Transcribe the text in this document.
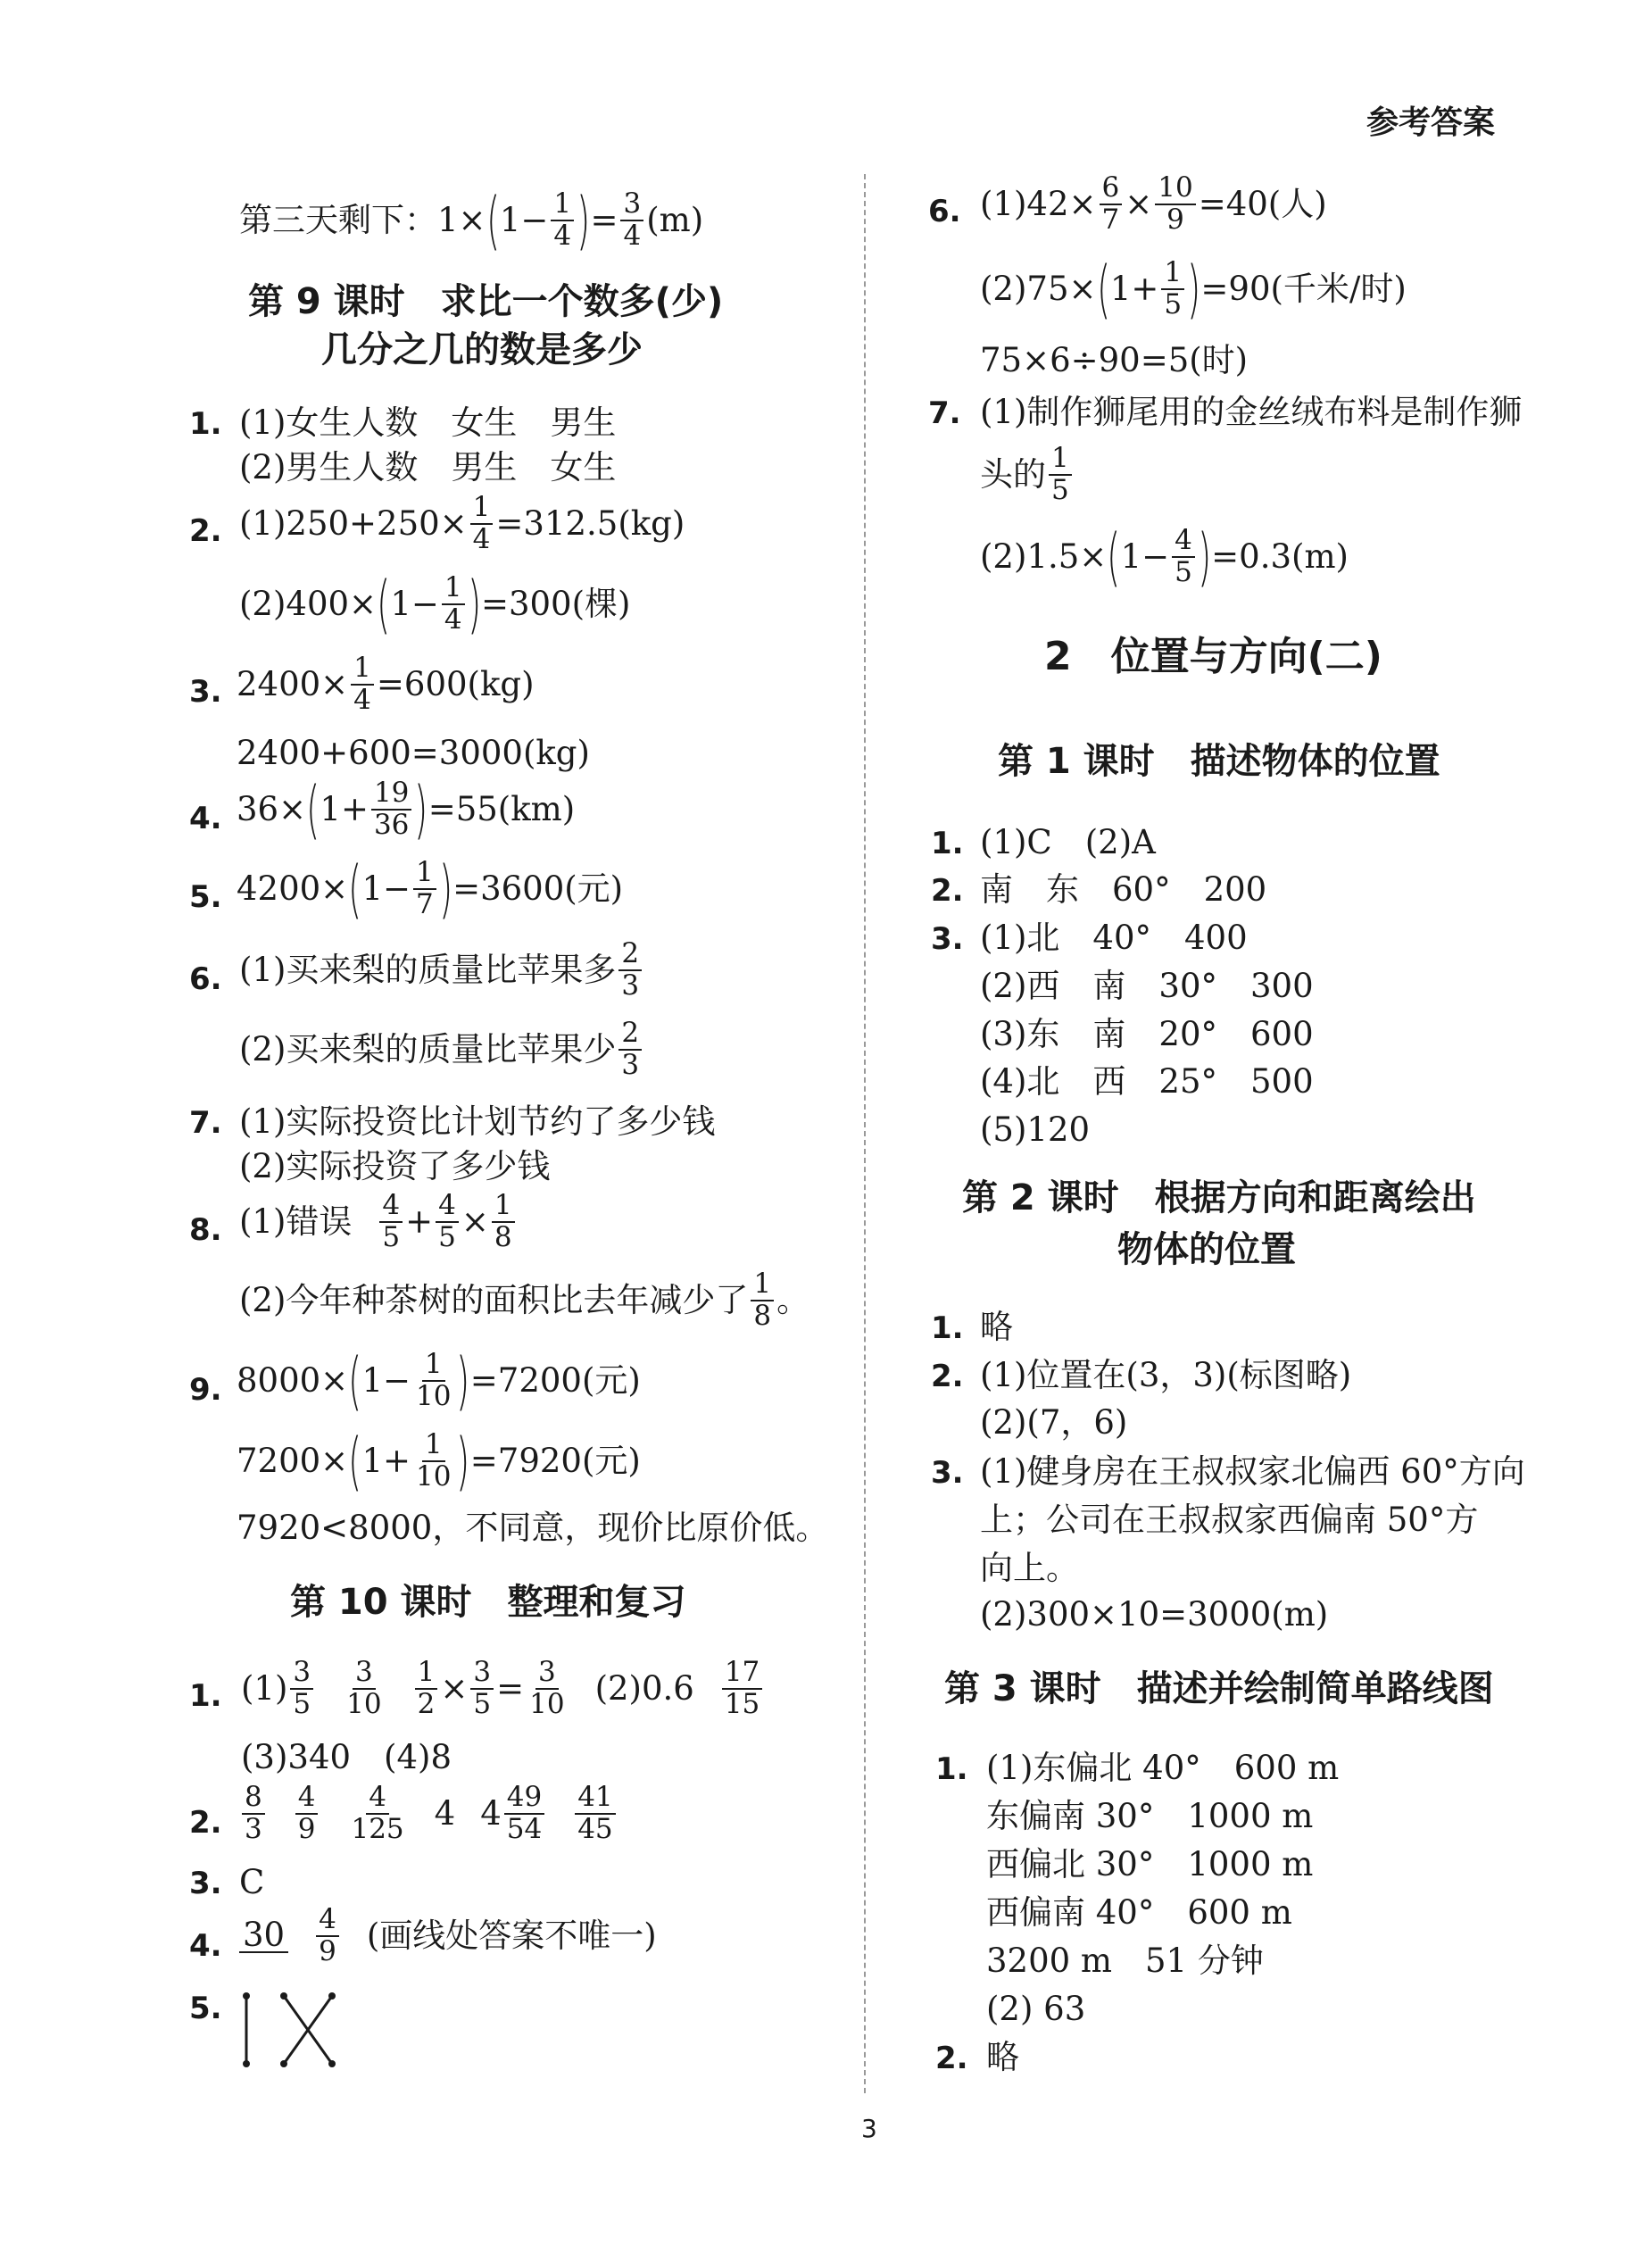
参考答案
第三天剩下：1× ( $1 - \frac{1}{4}$ ) = $\frac{3}{4} (m)$
第 9 课时　求比一个数多(少)
几分之几的数是多少
1. (1)女生人数　女生　男生
(2)男生人数　男生　女生
2. $(1)250+250\times \frac{1}{4} =312.5(kg)$
(2)400× ( $1- \frac{1}{4}$ ) =300(棵)
3. $2400\times \frac{1}{4} =600(kg)$
2400+600=3000(kg)
4. 36× ( $1+ \frac{19}{36}$ ) =55(km)
5. 4200× ( $1- \frac{1}{7}$ ) =3600(元)
6. (1)买来梨的质量比苹果多 $\frac{2}{3}$
(2)买来梨的质量比苹果少 $\frac{2}{3}$
7. (1)实际投资比计划节约了多少钱
(2)实际投资了多少钱
8. (1)错误 $\frac{4}{5} + \frac{4}{5} \times \frac{1}{8}$
(2)今年种茶树的面积比去年减少了 $\frac{1}{8}$ 。
9. 8000× ( $1- \frac{1}{10}$ ) =7200(元)
7200× ( $1+ \frac{1}{10}$ ) =7920(元)
7920<8000，不同意，现价比原价低。
第 10 课时　整理和复习
1. $(1) \frac{3}{5} \frac{3}{10} \frac{1}{2} \times \frac{3}{5} = \frac{3}{10} (2)0.6 \frac{17}{15}$
(3)340　(4)8
2. $\frac{8}{3} \frac{4}{9} \frac{4}{125} 4$ $4 \frac{49}{54} \frac{41}{45}$
3. C
4. $30 \frac{4}{9}$ (画线处答案不唯一)
5.
6. $(1)42\times \frac{6}{7} \times \frac{10}{9} =40$(人)
(2)75× ( $1+ \frac{1}{5}$ ) =90(千米/时)
75×6÷90=5(时)
7. (1)制作狮尾用的金丝绒布料是制作狮
头的 $\frac{1}{5}$
(2)1.5× ( $1- \frac{4}{5}$ ) =0.3(m)
2　位置与方向(二)
第 1 课时　描述物体的位置
1. (1)C　(2)A
2. 南　东　60°　200
3. (1)北　40°　400
(2)西　南　30°　300
(3)东　南　20°　600
(4)北　西　25°　500
(5)120
第 2 课时　根据方向和距离绘出
物体的位置
1. 略
2. (1)位置在(3，3)(标图略)
(2)(7，6)
3. (1)健身房在王叔叔家北偏西 60°方向
上；公司在王叔叔家西偏南 50°方
向上。
(2)300×10=3000(m)
第 3 课时　描述并绘制简单路线图
1. (1)东偏北 40°　600 m
东偏南 30°　1000 m
西偏北 30°　1000 m
西偏南 40°　600 m
3200 m　51 分钟
(2) 63
2. 略
3
